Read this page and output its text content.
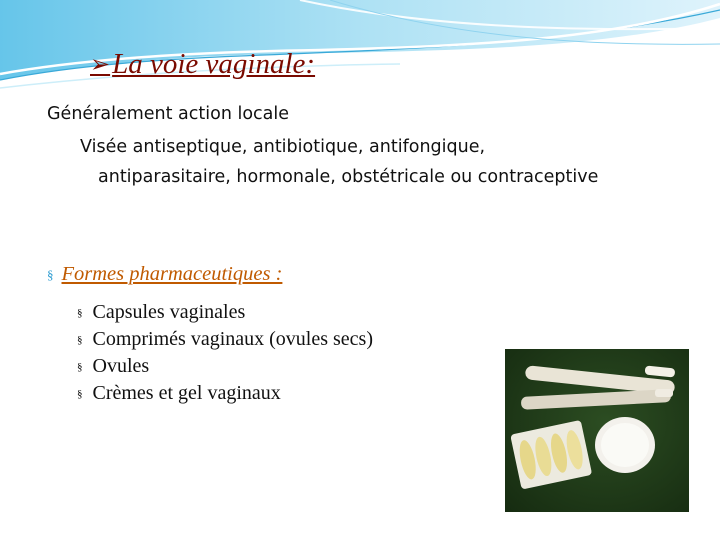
➢ La voie vaginale:
Généralement action locale
Visée antiseptique, antibiotique, antifongique,
antiparasitaire, hormonale, obstétricale ou contraceptive
§ Formes pharmaceutiques :
§ Capsules vaginales
§ Comprimés vaginaux (ovules secs)
§ Ovules
§ Crèmes et gel vaginaux
